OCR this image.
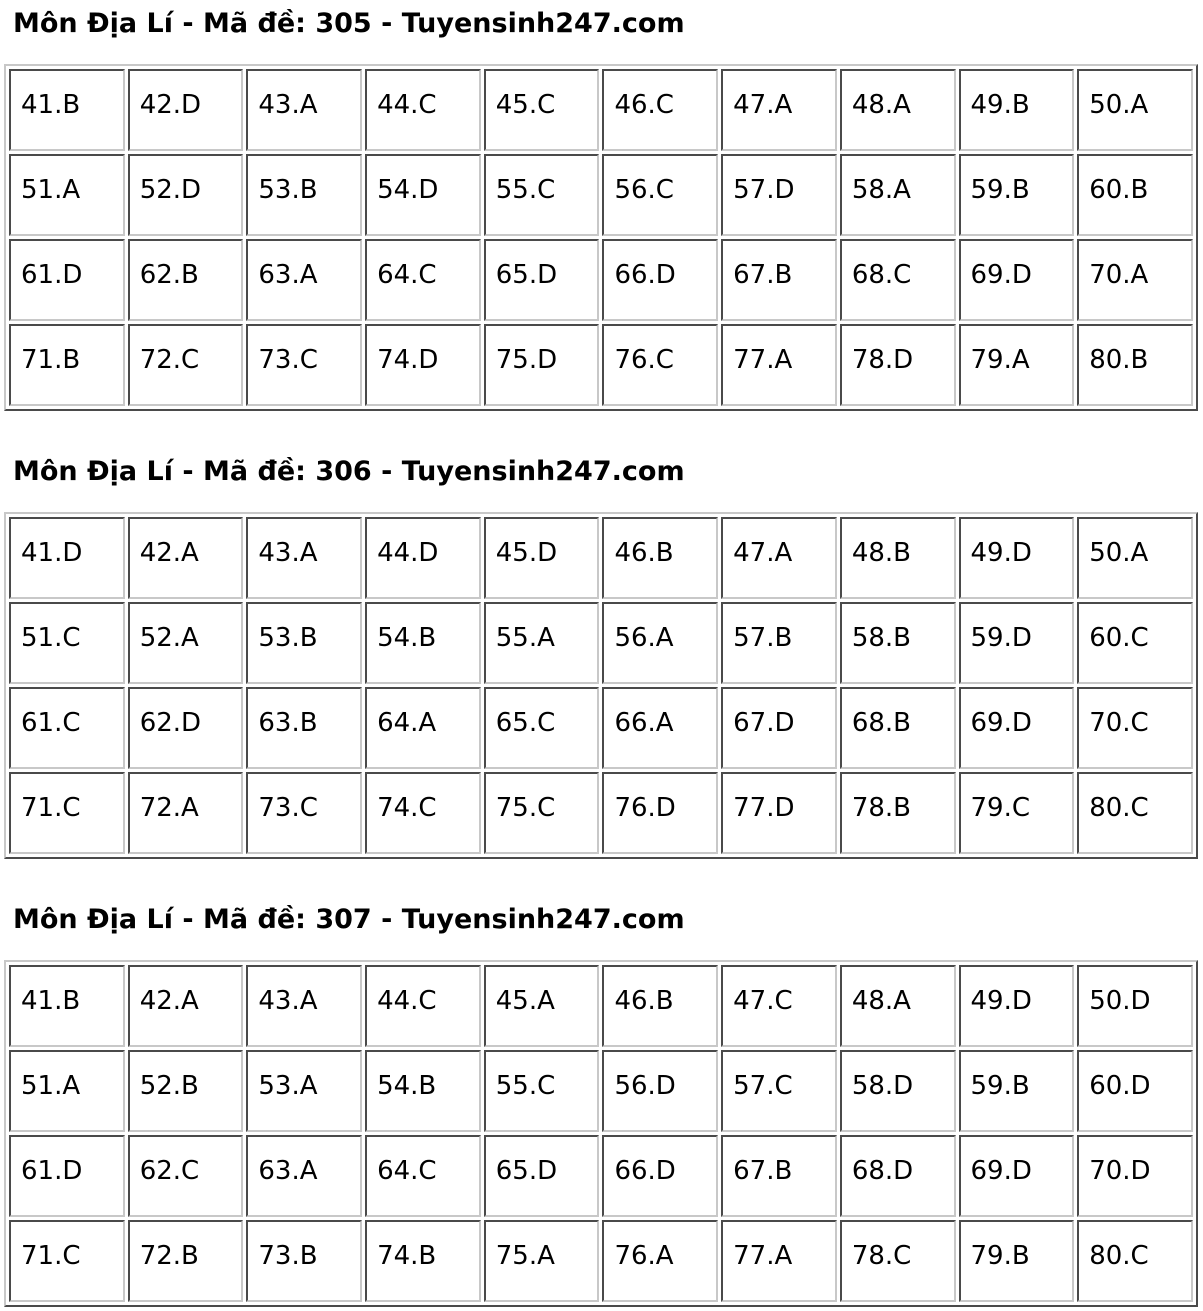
Môn Địa Lí - Mã đề: 305 - Tuyensinh247.com
41.B	42.D	43.A	44.C	45.C	46.C	47.A	48.A	49.B	50.A
51.A	52.D	53.B	54.D	55.C	56.C	57.D	58.A	59.B	60.B
61.D	62.B	63.A	64.C	65.D	66.D	67.B	68.C	69.D	70.A
71.B	72.C	73.C	74.D	75.D	76.C	77.A	78.D	79.A	80.B
Môn Địa Lí - Mã đề: 306 - Tuyensinh247.com
41.D	42.A	43.A	44.D	45.D	46.B	47.A	48.B	49.D	50.A
51.C	52.A	53.B	54.B	55.A	56.A	57.B	58.B	59.D	60.C
61.C	62.D	63.B	64.A	65.C	66.A	67.D	68.B	69.D	70.C
71.C	72.A	73.C	74.C	75.C	76.D	77.D	78.B	79.C	80.C
Môn Địa Lí - Mã đề: 307 - Tuyensinh247.com
41.B	42.A	43.A	44.C	45.A	46.B	47.C	48.A	49.D	50.D
51.A	52.B	53.A	54.B	55.C	56.D	57.C	58.D	59.B	60.D
61.D	62.C	63.A	64.C	65.D	66.D	67.B	68.D	69.D	70.D
71.C	72.B	73.B	74.B	75.A	76.A	77.A	78.C	79.B	80.C
